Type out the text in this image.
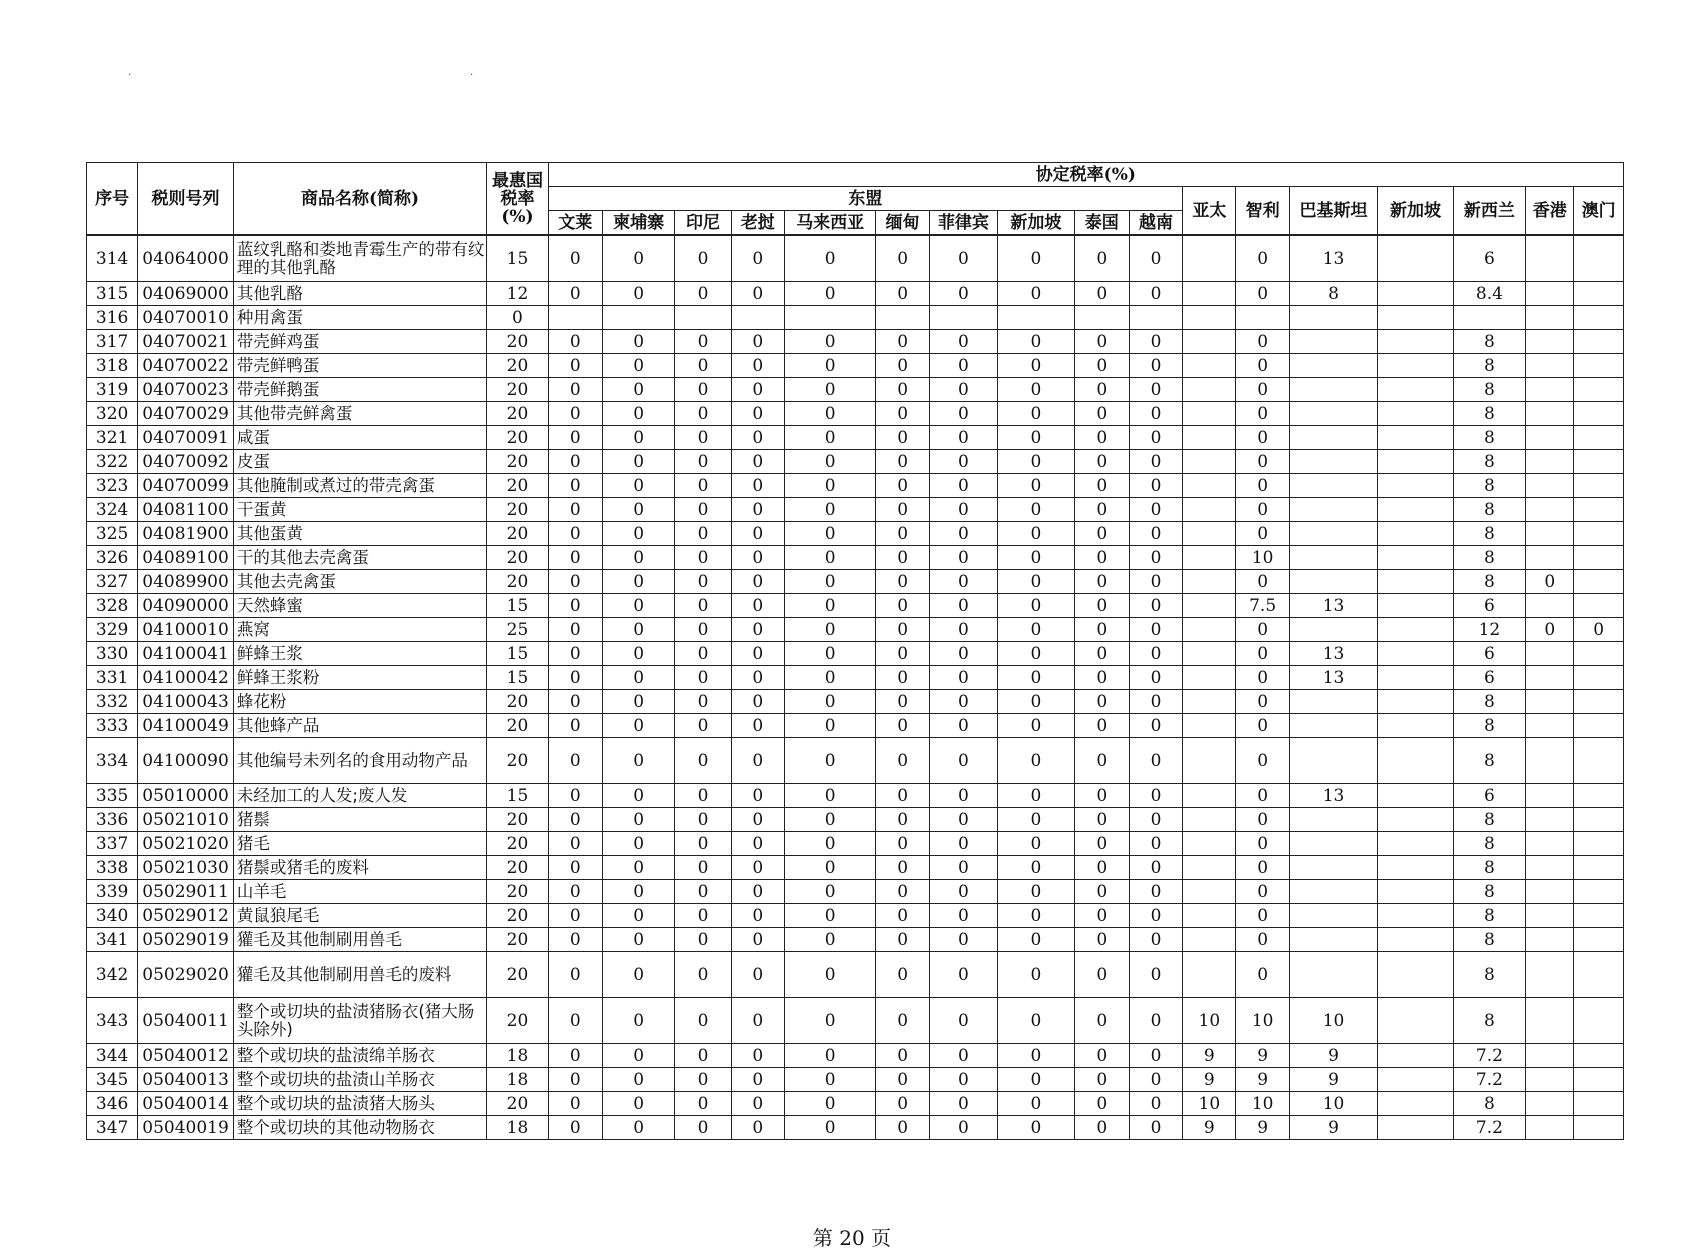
序号	税则号列	商品名称(简称)	最惠国税率(%)	协定税率(%)																
				东盟										亚太	智利	巴基斯坦	新加坡	新西兰	香港	澳门
				文莱	柬埔寨	印尼	老挝	马来西亚	缅甸	菲律宾	新加坡	泰国	越南							
314	04064000	蓝纹乳酪和娄地青霉生产的带有纹理的其他乳酪	15	0	0	0	0	0	0	0	0	0	0		0	13		6		
315	04069000	其他乳酪	12	0	0	0	0	0	0	0	0	0	0		0	8		8.4		
316	04070010	种用禽蛋	0																	
317	04070021	带壳鲜鸡蛋	20	0	0	0	0	0	0	0	0	0	0		0			8		
318	04070022	带壳鲜鸭蛋	20	0	0	0	0	0	0	0	0	0	0		0			8		
319	04070023	带壳鲜鹅蛋	20	0	0	0	0	0	0	0	0	0	0		0			8		
320	04070029	其他带壳鲜禽蛋	20	0	0	0	0	0	0	0	0	0	0		0			8		
321	04070091	咸蛋	20	0	0	0	0	0	0	0	0	0	0		0			8		
322	04070092	皮蛋	20	0	0	0	0	0	0	0	0	0	0		0			8		
323	04070099	其他腌制或煮过的带壳禽蛋	20	0	0	0	0	0	0	0	0	0	0		0			8		
324	04081100	干蛋黄	20	0	0	0	0	0	0	0	0	0	0		0			8		
325	04081900	其他蛋黄	20	0	0	0	0	0	0	0	0	0	0		0			8		
326	04089100	干的其他去壳禽蛋	20	0	0	0	0	0	0	0	0	0	0		10			8		
327	04089900	其他去壳禽蛋	20	0	0	0	0	0	0	0	0	0	0		0			8	0	
328	04090000	天然蜂蜜	15	0	0	0	0	0	0	0	0	0	0		7.5	13		6		
329	04100010	燕窝	25	0	0	0	0	0	0	0	0	0	0		0			12	0	0
330	04100041	鲜蜂王浆	15	0	0	0	0	0	0	0	0	0	0		0	13		6		
331	04100042	鲜蜂王浆粉	15	0	0	0	0	0	0	0	0	0	0		0	13		6		
332	04100043	蜂花粉	20	0	0	0	0	0	0	0	0	0	0		0			8		
333	04100049	其他蜂产品	20	0	0	0	0	0	0	0	0	0	0		0			8		
334	04100090	其他编号未列名的食用动物产品	20	0	0	0	0	0	0	0	0	0	0		0			8		
335	05010000	未经加工的人发;废人发	15	0	0	0	0	0	0	0	0	0	0		0	13		6		
336	05021010	猪鬃	20	0	0	0	0	0	0	0	0	0	0		0			8		
337	05021020	猪毛	20	0	0	0	0	0	0	0	0	0	0		0			8		
338	05021030	猪鬃或猪毛的废料	20	0	0	0	0	0	0	0	0	0	0		0			8		
339	05029011	山羊毛	20	0	0	0	0	0	0	0	0	0	0		0			8		
340	05029012	黄鼠狼尾毛	20	0	0	0	0	0	0	0	0	0	0		0			8		
341	05029019	獾毛及其他制刷用兽毛	20	0	0	0	0	0	0	0	0	0	0		0			8		
342	05029020	獾毛及其他制刷用兽毛的废料	20	0	0	0	0	0	0	0	0	0	0		0			8		
343	05040011	整个或切块的盐渍猪肠衣(猪大肠头除外)	20	0	0	0	0	0	0	0	0	0	0	10	10	10		8		
344	05040012	整个或切块的盐渍绵羊肠衣	18	0	0	0	0	0	0	0	0	0	0	9	9	9		7.2		
345	05040013	整个或切块的盐渍山羊肠衣	18	0	0	0	0	0	0	0	0	0	0	9	9	9		7.2		
346	05040014	整个或切块的盐渍猪大肠头	20	0	0	0	0	0	0	0	0	0	0	10	10	10		8		
347	05040019	整个或切块的其他动物肠衣	18	0	0	0	0	0	0	0	0	0	0	9	9	9		7.2		
第 20 页
·	·
